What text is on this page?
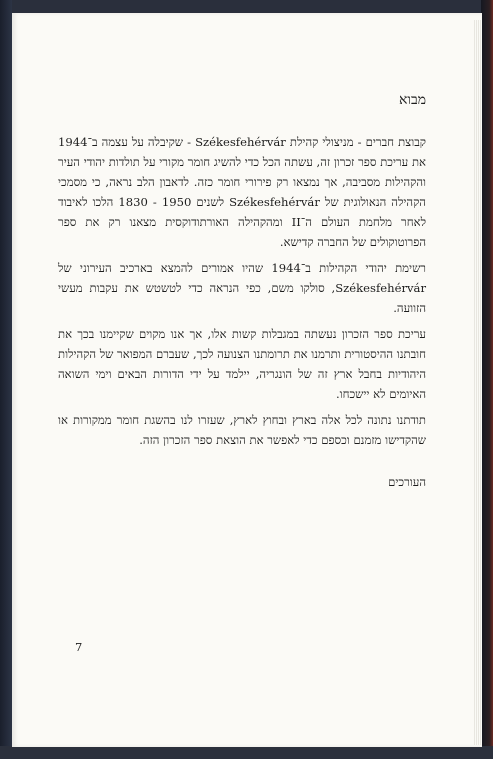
מבוא

קבוצת חברים - מניצולי קהילת Székesfehérvár - שקיבלה על עצמה ב־1944 את עריכת ספר זכרון זה, עשתה הכל כדי להשיג חומר מקורי על תולדות יהודי העיר והקהילות מסביבה, אך נמצאו רק פירורי חומר כזה. לדאבון הלב נראה, כי מסמכי הקהילה הנאולוגית של Székesfehérvár לשנים 1950 - 1830 הלכו לאיבוד לאחר מלחמת העולם ה־II ומהקהילה האורתודוקסית מצאנו רק את ספר הפרוטוקולים של החברה קדישא.

רשימת יהודי הקהילות ב־1944 שהיו אמורים להמצא בארכיב העירוני של Székesfehérvár, סולקו משם, כפי הנראה כדי לטשטש את עקבות מעשי הזוועה.

עריכת ספר הזכרון נעשתה במגבלות קשות אלו, אך אנו מקוים שקיימנו בכך את חובתנו ההיסטורית ותרמנו את תרומתנו הצנועה לכך, שעברם המפואר של הקהילות היהודיות בחבל ארץ זה של הונגריה, יילמד על ידי הדורות הבאים וימי השואה האיומים לא יישכחו.

תודתנו נתונה לכל אלה בארץ ובחוץ לארץ, שעזרו לנו בהשגת חומר ממקורות או שהקדישו מזמנם וכספם כדי לאפשר את הוצאת ספר הזכרון הזה.

העורכים
7
